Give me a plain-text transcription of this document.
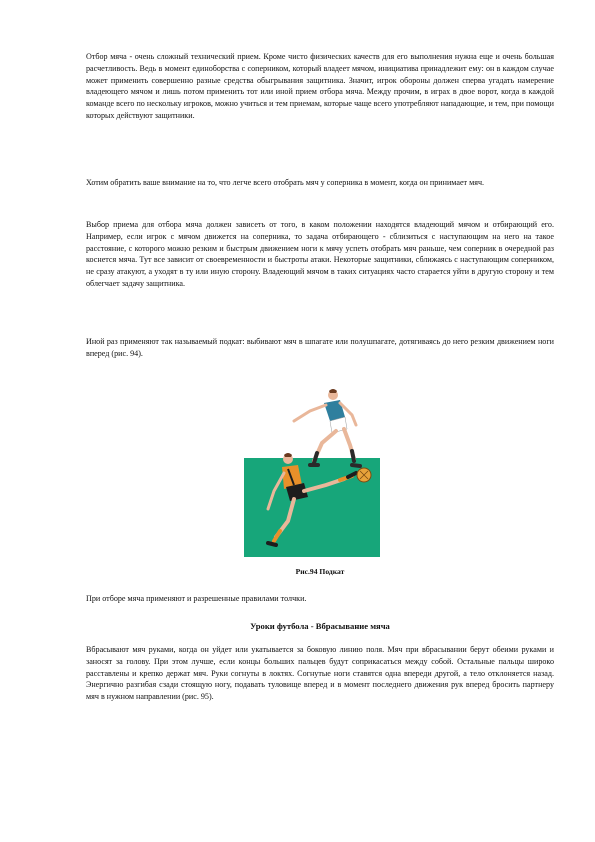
Отбор мяча - очень сложный технический прием. Кроме чисто физических качеств для его выполнения нужна еще и очень большая расчетливость. Ведь в момент единоборства с соперником, который владеет мячом, инициатива принадлежит ему: он в каждом случае может применить совершенно разные средства обыгрывания защитника. Значит, игрок обороны должен сперва угадать намерение владеющего мячом и лишь потом применить тот или иной прием отбора мяча. Между прочим, в играх в двое ворот, когда в каждой команде всего по нескольку игроков, можно учиться и тем приемам, которые чаще всего употребляют нападающие, и тем, при помощи которых действуют защитники.

Хотим обратить ваше внимание на то, что легче всего отобрать мяч у соперника в момент, когда он принимает мяч.

Выбор приема для отбора мяча должен зависеть от того, в каком положении находятся владеющий мячом и отбирающий его. Например, если игрок с мячом движется на соперника, то задача отбирающего - сблизиться с наступающим на него на такое расстояние, с которого можно резким и быстрым движением ноги к мячу успеть отобрать мяч раньше, чем соперник в очередной раз коснется мяча. Тут все зависит от своевременности и быстроты атаки. Некоторые защитники, сближаясь с наступающим соперником, не сразу атакуют, а уходят в ту или иную сторону. Владеющий мячом в таких ситуациях часто старается уйти в другую сторону и тем облегчает задачу защитника.

Иной раз применяют так называемый подкат: выбивают мяч в шпагате или полушпагате, дотягиваясь до него резким движением ноги вперед (рис. 94).

Рис.94 Подкат

При отборе мяча применяют и разрешенные правилами толчки.

Уроки футбола - Вбрасывание мяча

Вбрасывают мяч руками, когда он уйдет или укатывается за боковую линию поля. Мяч при вбрасывании берут обеими руками и заносят за голову. При этом лучше, если концы больших пальцев будут соприкасаться между собой. Остальные пальцы широко расставлены и крепко держат мяч. Руки согнуты в локтях. Согнутые ноги ставятся одна впереди другой, а тело отклоняется назад. Энергично разгибая сзади стоящую ногу, подавать туловище вперед и в момент последнего движения рук вперед бросить партнеру мяч в нужном направлении (рис. 95).
